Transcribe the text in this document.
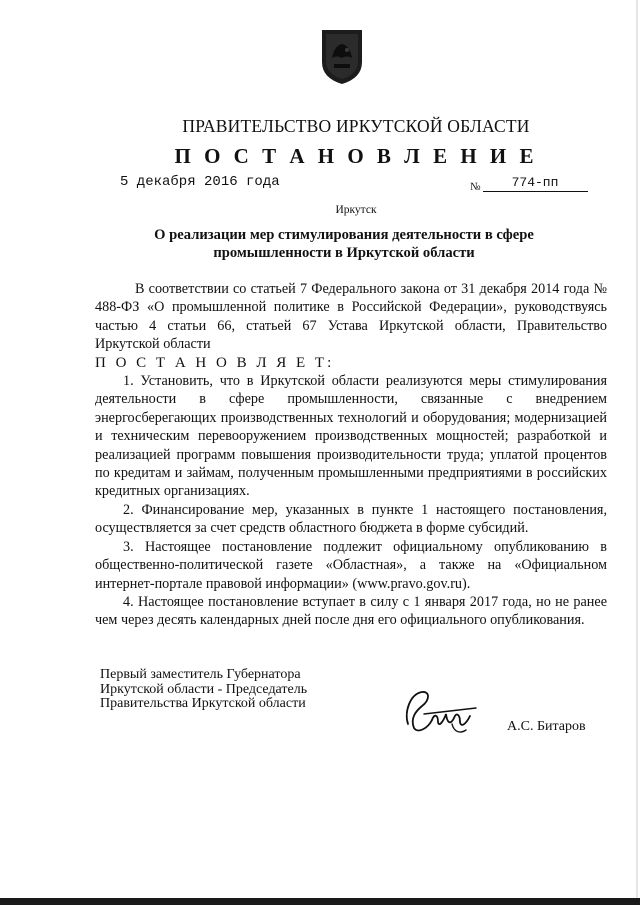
ПРАВИТЕЛЬСТВО ИРКУТСКОЙ ОБЛАСТИ
П О С Т А Н О В Л Е Н И Е
5 декабря 2016 года	$_№$ 774-пп
Иркутск
О реализации мер стимулирования деятельности в сфере
промышленности в Иркутской области

В соответствии со статьей 7 Федерального закона от 31 декабря 2014 года № 488-ФЗ «О промышленной политике в Российской Федерации», руководствуясь частью 4 статьи 66, статьей 67 Устава Иркутской области, Правительство Иркутской области

П О С Т А Н О В Л Я Е Т:

1. Установить, что в Иркутской области реализуются меры стимулирования деятельности в сфере промышленности, связанные с внедрением энергосберегающих производственных технологий и оборудования; модернизацией и техническим перевооружением производственных мощностей; разработкой и реализацией программ повышения производительности труда; уплатой процентов по кредитам и займам, полученным промышленными предприятиями в российских кредитных организациях.

2. Финансирование мер, указанных в пункте 1 настоящего постановления, осуществляется за счет средств областного бюджета в форме субсидий.

3. Настоящее постановление подлежит официальному опубликованию в общественно-политической газете «Областная», а также на «Официальном интернет-портале правовой информации» (www.pravo.gov.ru).

4. Настоящее постановление вступает в силу с 1 января 2017 года, но не ранее чем через десять календарных дней после дня его официального опубликования.

Первый заместитель Губернатора
Иркутской области - Председатель
Правительства Иркутской области
А.С. Битаров
